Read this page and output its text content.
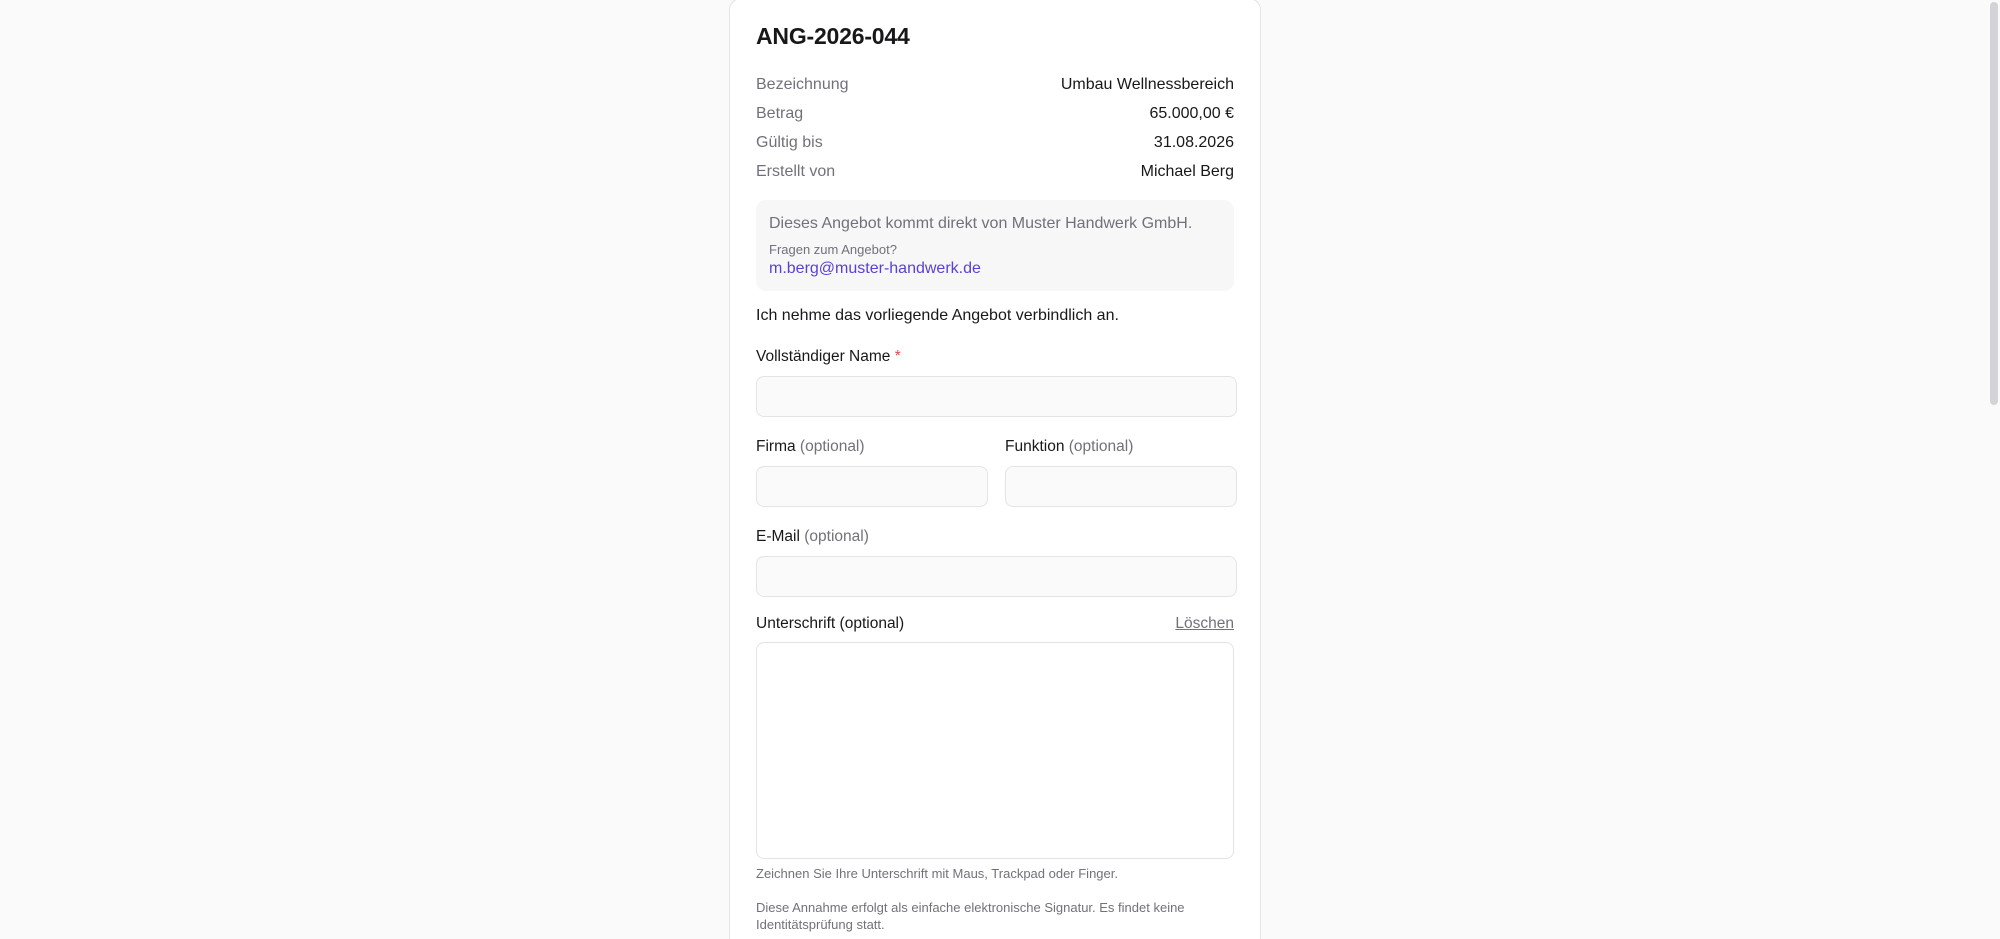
ANG-2026-044
Bezeichnung	Umbau Wellnessbereich
Betrag	65.000,00 €
Gültig bis	31.08.2026
Erstellt von	Michael Berg
Dieses Angebot kommt direkt von Muster Handwerk GmbH.
Fragen zum Angebot?
m.berg@muster-handwerk.de
Ich nehme das vorliegende Angebot verbindlich an.
Vollständiger Name *
Firma (optional)	Funktion (optional)
E-Mail (optional)
Unterschrift (optional)	Löschen
Zeichnen Sie Ihre Unterschrift mit Maus, Trackpad oder Finger.
Diese Annahme erfolgt als einfache elektronische Signatur. Es findet keine Identitätsprüfung statt.
